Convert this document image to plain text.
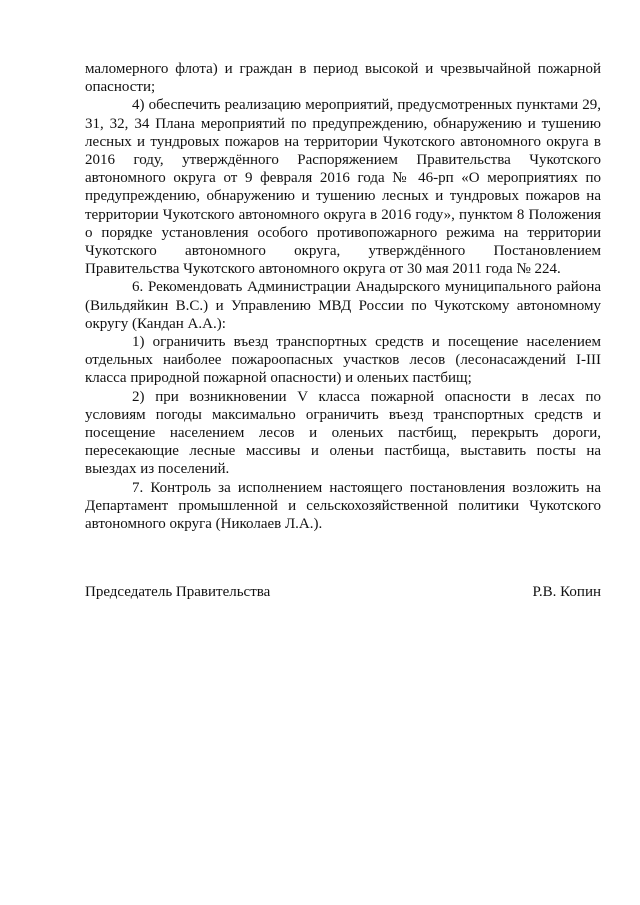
маломерного флота) и граждан в период высокой и чрезвычайной пожарной опасности;

4) обеспечить реализацию мероприятий, предусмотренных пунктами 29, 31, 32, 34 Плана мероприятий по предупреждению, обнаружению и тушению лесных и тундровых пожаров на территории Чукотского автономного округа в 2016 году, утверждённого Распоряжением Правительства Чукотского автономного округа от 9 февраля 2016 года № 46-рп «О мероприятиях по предупреждению, обнаружению и тушению лесных и тундровых пожаров на территории Чукотского автономного округа в 2016 году», пунктом 8 Положения о порядке установления особого противопожарного режима на территории Чукотского автономного округа, утверждённого Постановлением Правительства Чукотского автономного округа от 30 мая 2011 года № 224.

6. Рекомендовать Администрации Анадырского муниципального района (Вильдяйкин В.С.) и Управлению МВД России по Чукотскому автономному округу (Кандан А.А.):

1) ограничить въезд транспортных средств и посещение населением отдельных наиболее пожароопасных участков лесов (лесонасаждений I-III класса природной пожарной опасности) и оленьих пастбищ;

2) при возникновении V класса пожарной опасности в лесах по условиям погоды максимально ограничить въезд транспортных средств и посещение населением лесов и оленьих пастбищ, перекрыть дороги, пересекающие лесные массивы и оленьи пастбища, выставить посты на выездах из поселений.

7. Контроль за исполнением настоящего постановления возложить на Департамент промышленной и сельскохозяйственной политики Чукотского автономного округа (Николаев Л.А.).

Председатель Правительства	Р.В. Копин
